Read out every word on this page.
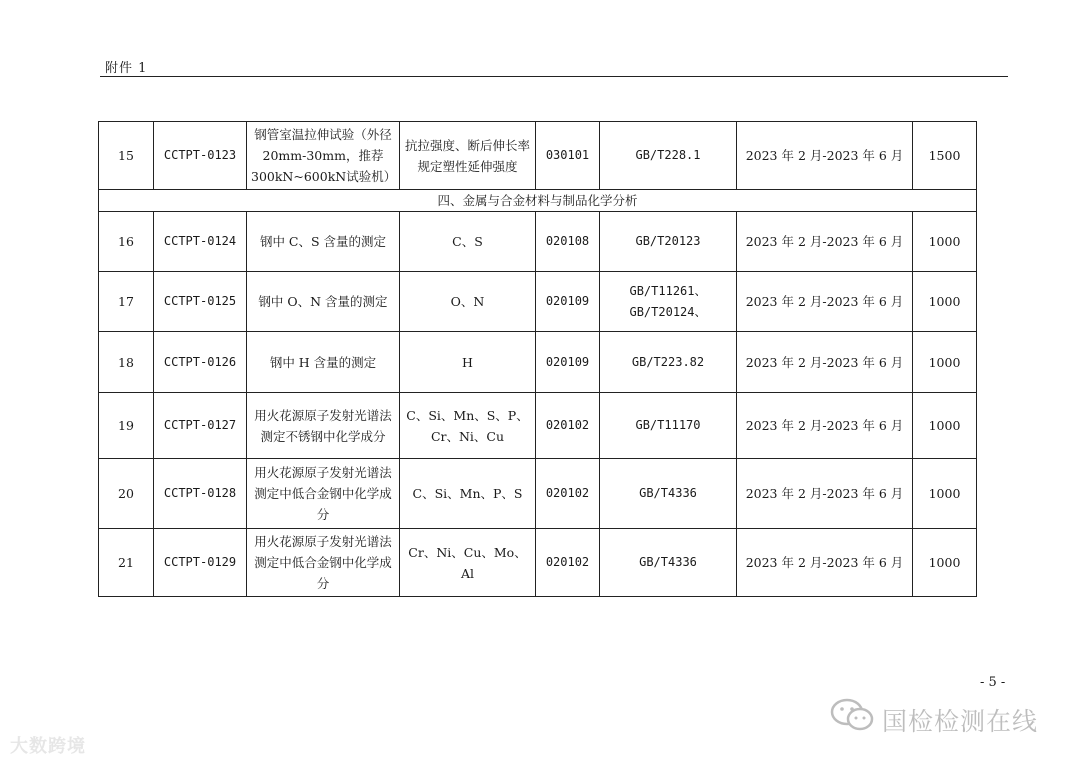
附件 1
15	CCTPT-0123	钢管室温拉伸试验（外径20mm-30mm，推荐300kN~600kN试验机）	抗拉强度、断后伸长率规定塑性延伸强度	030101	GB/T228.1	2023 年 2 月-2023 年 6 月	1500
四、金属与合金材料与制品化学分析							
16	CCTPT-0124	钢中 C、S 含量的测定	C、S	020108	GB/T20123	2023 年 2 月-2023 年 6 月	1000
17	CCTPT-0125	钢中 O、N 含量的测定	O、N	020109	GB/T11261、GB/T20124、	2023 年 2 月-2023 年 6 月	1000
18	CCTPT-0126	钢中 H 含量的测定	H	020109	GB/T223.82	2023 年 2 月-2023 年 6 月	1000
19	CCTPT-0127	用火花源原子发射光谱法测定不锈钢中化学成分	C、Si、Mn、S、P、Cr、Ni、Cu	020102	GB/T11170	2023 年 2 月-2023 年 6 月	1000
20	CCTPT-0128	用火花源原子发射光谱法测定中低合金钢中化学成分	C、Si、Mn、P、S	020102	GB/T4336	2023 年 2 月-2023 年 6 月	1000
21	CCTPT-0129	用火花源原子发射光谱法测定中低合金钢中化学成分	Cr、Ni、Cu、Mo、Al	020102	GB/T4336	2023 年 2 月-2023 年 6 月	1000
- 5 -
国检检测在线
大数跨境
